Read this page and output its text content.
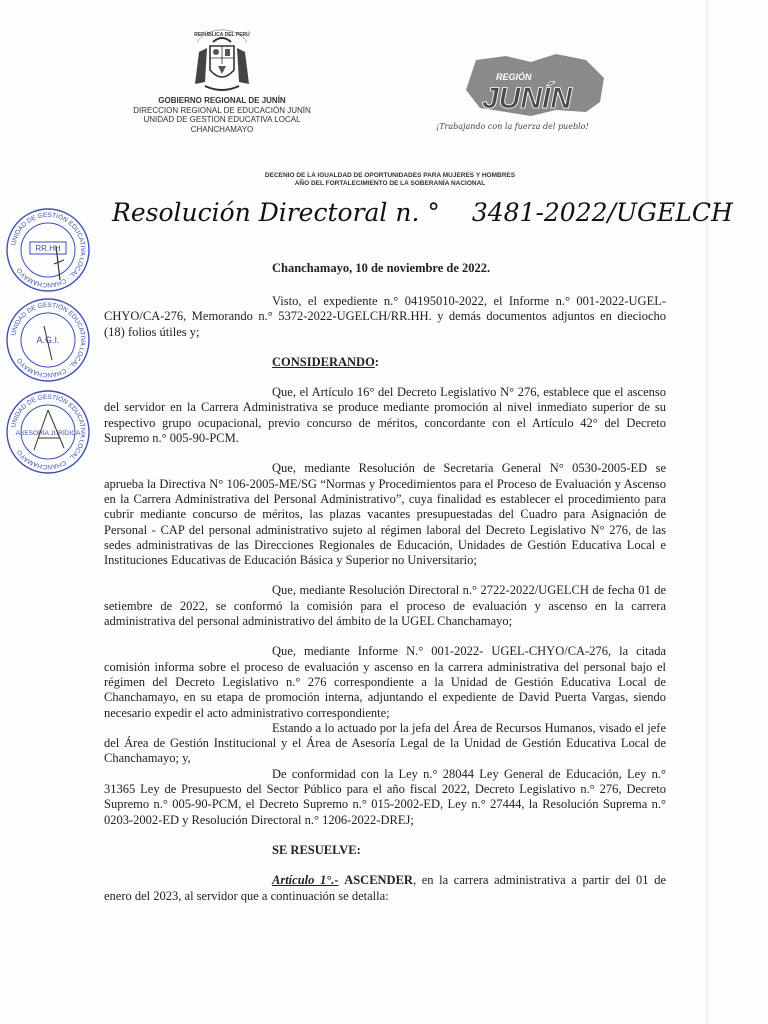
REPÚBLICA DEL PERÚ
GOBIERNO REGIONAL DE JUNÍN
DIRECCION REGIONAL DE EDUCACIÓN JUNÍN
UNIDAD DE GESTION EDUCATIVA LOCAL
CHANCHAMAYO
REGIÓN
JUNÍN
¡Trabajando con la fuerza del pueblo!
DECENIO DE LA IGUALDAD DE OPORTUNIDADES PARA MUJERES Y HOMBRES
AÑO DEL FORTALECIMIENTO DE LA SOBERANÍA NACIONAL
Resolución Directoral n. ° 3481-2022/UGELCH
Chanchamayo, 10 de noviembre de 2022.
UNIDAD DE GESTIÓN EDUCATIVA LOCAL · CHANCHAMAYO
RR.HH
UNIDAD DE GESTIÓN EDUCATIVA LOCAL · CHANCHAMAYO
A.G.I.
UNIDAD DE GESTIÓN EDUCATIVA LOCAL · CHANCHAMAYO
ASESORÍA JURÍDICA

Visto, el expediente n.° 04195010-2022, el Informe n.° 001-2022-UGEL-CHYO/CA-276, Memorando n.° 5372-2022-UGELCH/RR.HH. y demás documentos adjuntos en dieciocho (18) folios útiles y;

CONSIDERANDO:

Que, el Artículo 16° del Decreto Legislativo N° 276, establece que el ascenso del servidor en la Carrera Administrativa se produce mediante promoción al nivel inmediato superior de su respectivo grupo ocupacional, previo concurso de méritos, concordante con el Artículo 42° del Decreto Supremo n.° 005-90-PCM.

Que, mediante Resolución de Secretaria General N° 0530-2005-ED se aprueba la Directiva N° 106-2005-ME/SG “Normas y Procedimientos para el Proceso de Evaluación y Ascenso en la Carrera Administrativa del Personal Administrativo”, cuya finalidad es establecer el procedimiento para cubrir mediante concurso de méritos, las plazas vacantes presupuestadas del Cuadro para Asignación de Personal - CAP del personal administrativo sujeto al régimen laboral del Decreto Legislativo N° 276, de las sedes administrativas de las Direcciones Regionales de Educación, Unidades de Gestión Educativa Local e Instituciones Educativas de Educación Básica y Superior no Universitario;

Que, mediante Resolución Directoral n.° 2722-2022/UGELCH de fecha 01 de setiembre de 2022, se conformó la comisión para el proceso de evaluación y ascenso en la carrera administrativa del personal administrativo del ámbito de la UGEL Chanchamayo;

Que, mediante Informe N.° 001-2022- UGEL-CHYO/CA-276, la citada comisión informa sobre el proceso de evaluación y ascenso en la carrera administrativa del personal bajo el régimen del Decreto Legislativo n.° 276 correspondiente a la Unidad de Gestión Educativa Local de Chanchamayo, en su etapa de promoción interna, adjuntando el expediente de David Puerta Vargas, siendo necesario expedir el acto administrativo correspondiente;

Estando a lo actuado por la jefa del Área de Recursos Humanos, visado el jefe del Área de Gestión Institucional y el Área de Asesoría Legal de la Unidad de Gestión Educativa Local de Chanchamayo; y,

De conformidad con la Ley n.° 28044 Ley General de Educación, Ley n.° 31365 Ley de Presupuesto del Sector Público para el año fiscal 2022, Decreto Legislativo n.° 276, Decreto Supremo n.° 005-90-PCM, el Decreto Supremo n.° 015-2002-ED, Ley n.° 27444, la Resolución Suprema n.° 0203-2002-ED y Resolución Directoral n.° 1206-2022-DREJ;

SE RESUELVE:

Artículo 1°.- ASCENDER, en la carrera administrativa a partir del 01 de enero del 2023, al servidor que a continuación se detalla:
